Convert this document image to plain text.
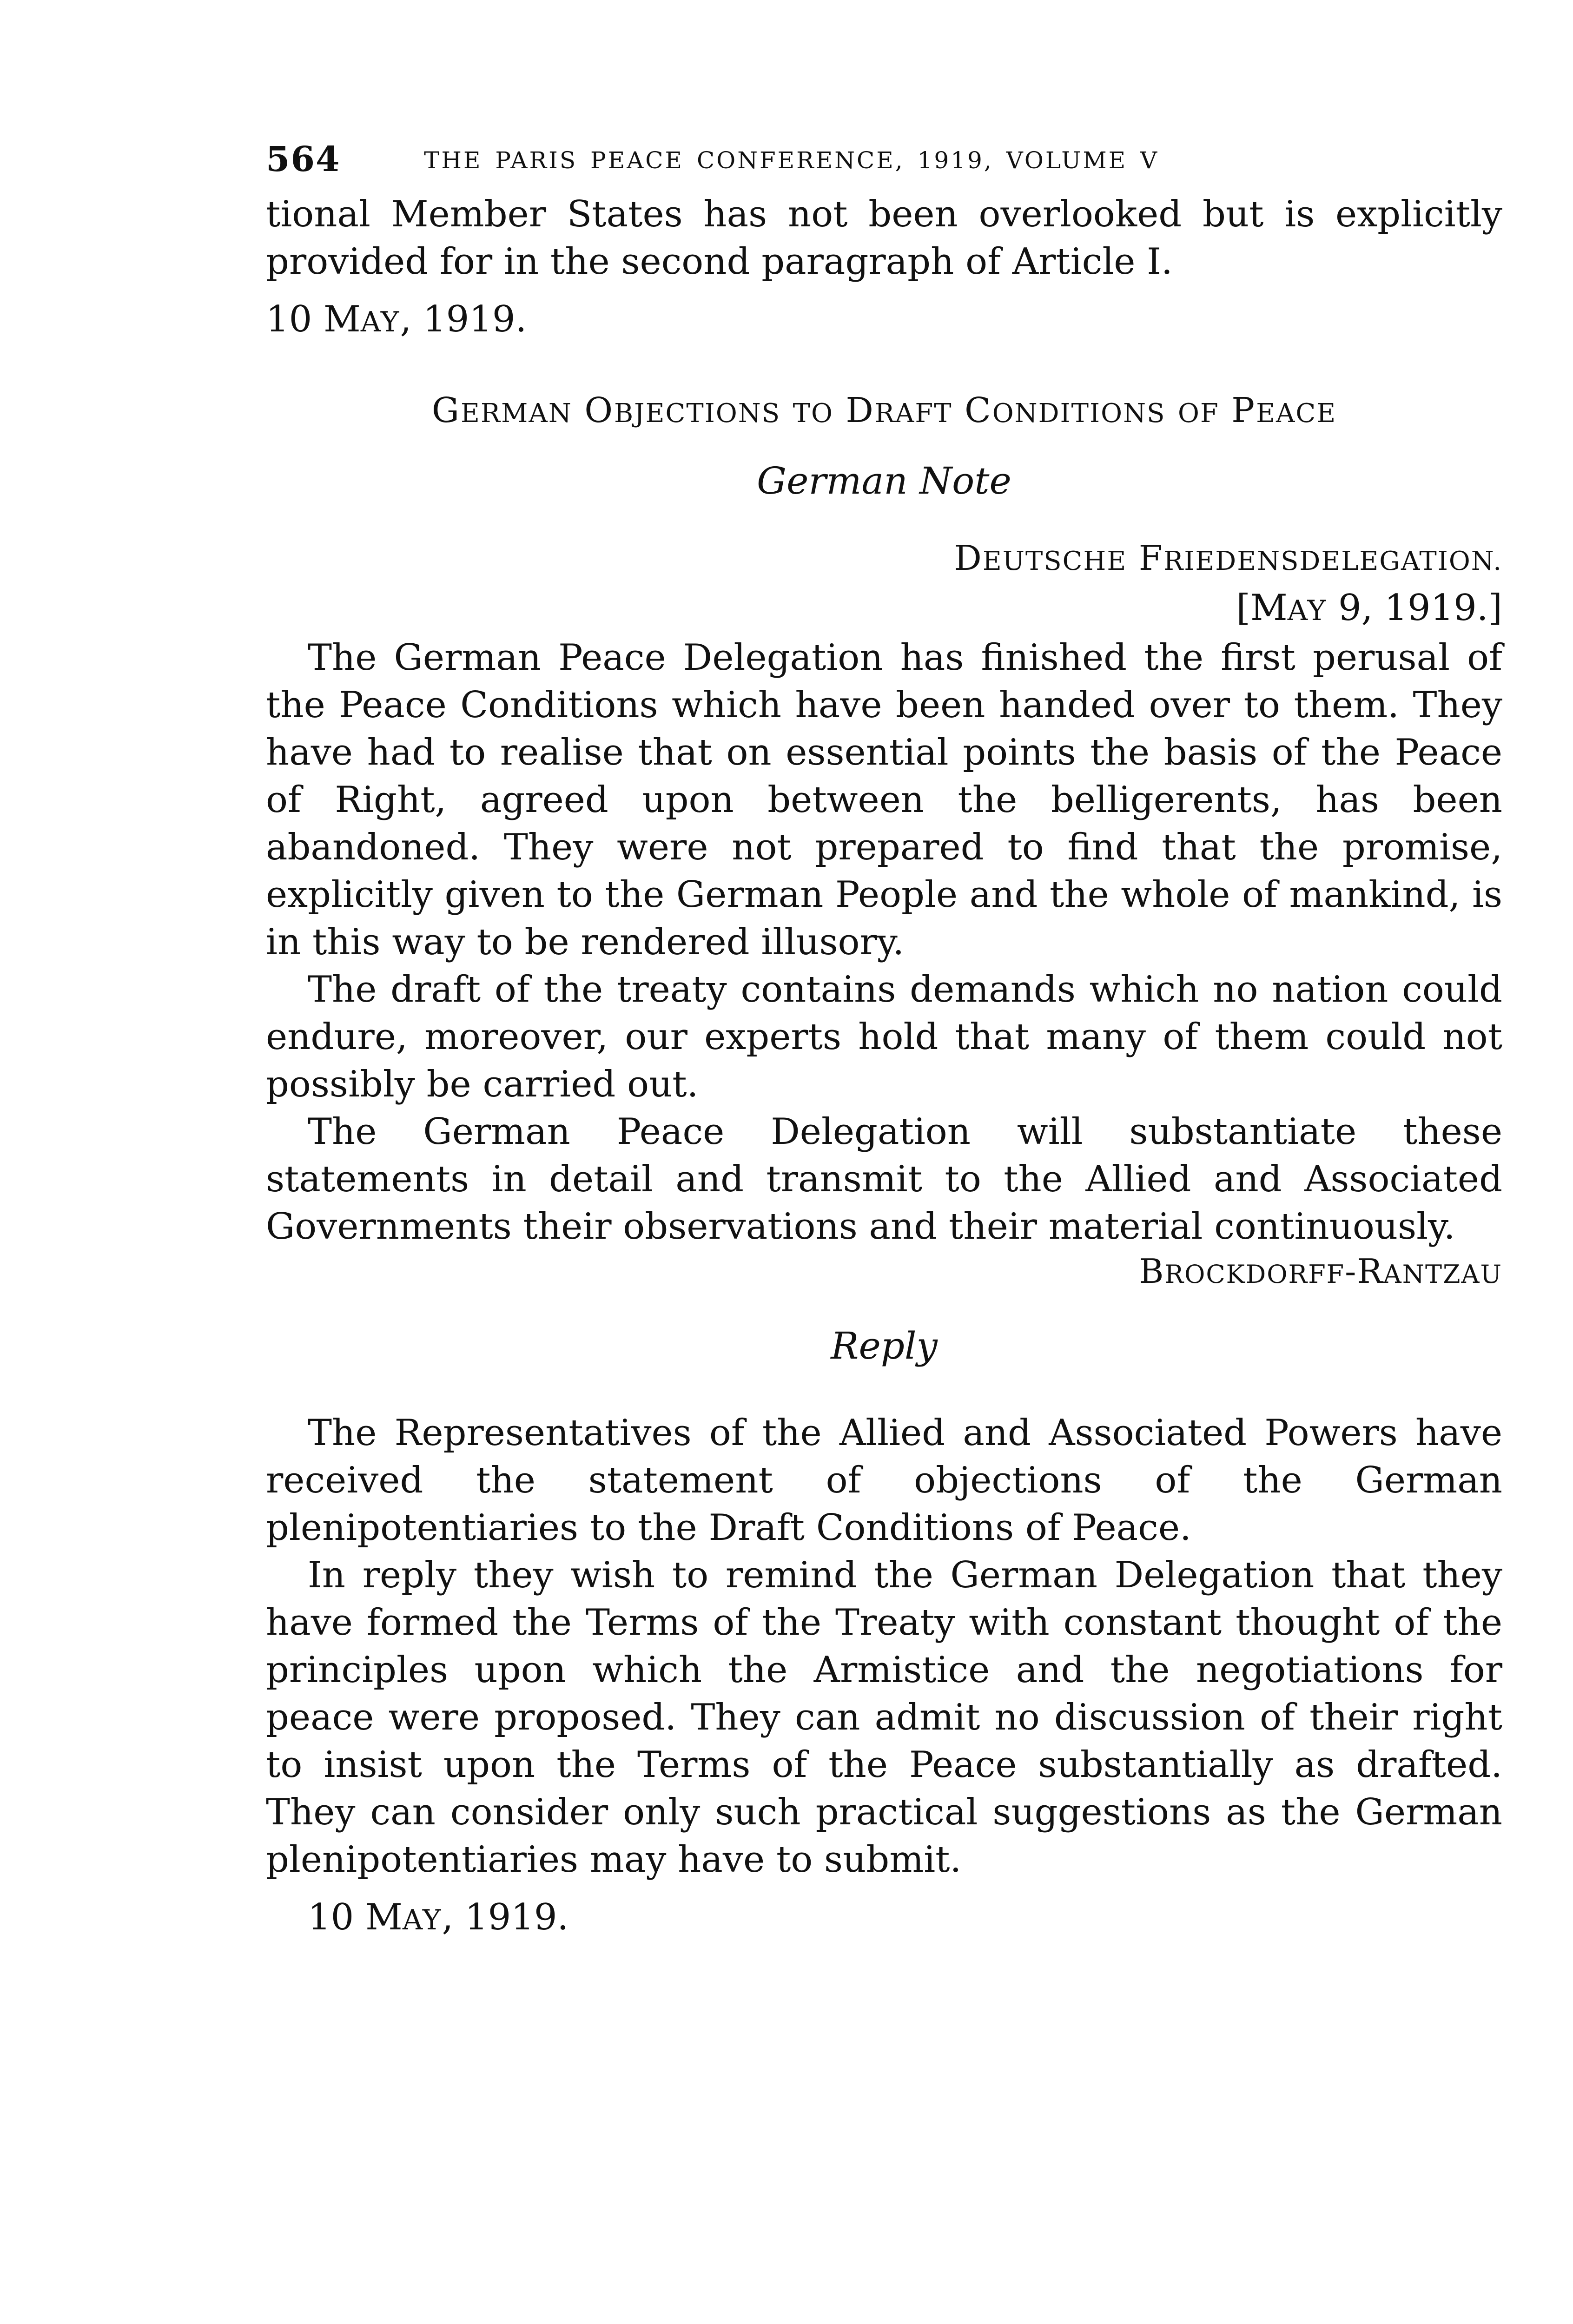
564	THE PARIS PEACE CONFERENCE, 1919, VOLUME V

tional Member States has not been overlooked but is explicitly provided for in the second paragraph of Article I.

10 MAY, 1919.
GERMAN OBJECTIONS TO DRAFT CONDITIONS OF PEACE
German Note
DEUTSCHE FRIEDENSDELEGATION.
[MAY 9, 1919.]

The German Peace Delegation has finished the first perusal of the Peace Conditions which have been handed over to them. They have had to realise that on essential points the basis of the Peace of Right, agreed upon between the belligerents, has been abandoned. They were not prepared to find that the promise, explicitly given to the German People and the whole of mankind, is in this way to be rendered illusory.

The draft of the treaty contains demands which no nation could endure, moreover, our experts hold that many of them could not possibly be carried out.

The German Peace Delegation will substantiate these statements in detail and transmit to the Allied and Associated Governments their observations and their material continuously.

BROCKDORFF-RANTZAU
Reply

The Representatives of the Allied and Associated Powers have received the statement of objections of the German plenipotentiaries to the Draft Conditions of Peace.

In reply they wish to remind the German Delegation that they have formed the Terms of the Treaty with constant thought of the principles upon which the Armistice and the negotiations for peace were proposed. They can admit no discussion of their right to insist upon the Terms of the Peace substantially as drafted. They can consider only such practical suggestions as the German plenipotentiaries may have to submit.

10 MAY, 1919.
